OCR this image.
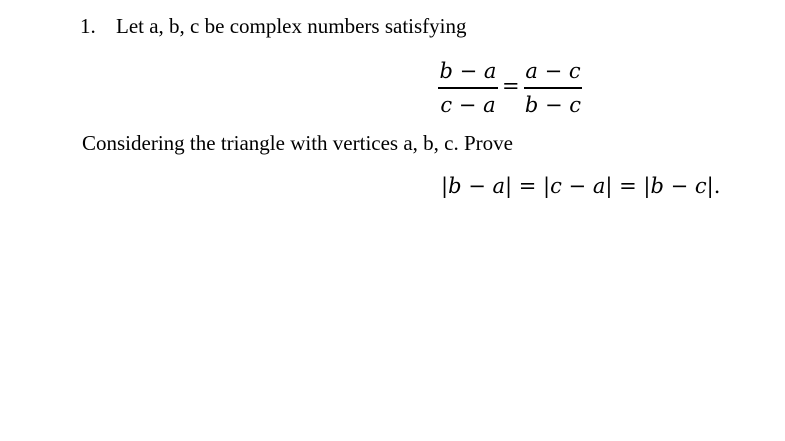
1. Let a, b, c be complex numbers satisfying
b − a
c − a
=
a − c
b − c
Considering the triangle with vertices a, b, c. Prove
|b − a| = |c − a| = |b − c|.
